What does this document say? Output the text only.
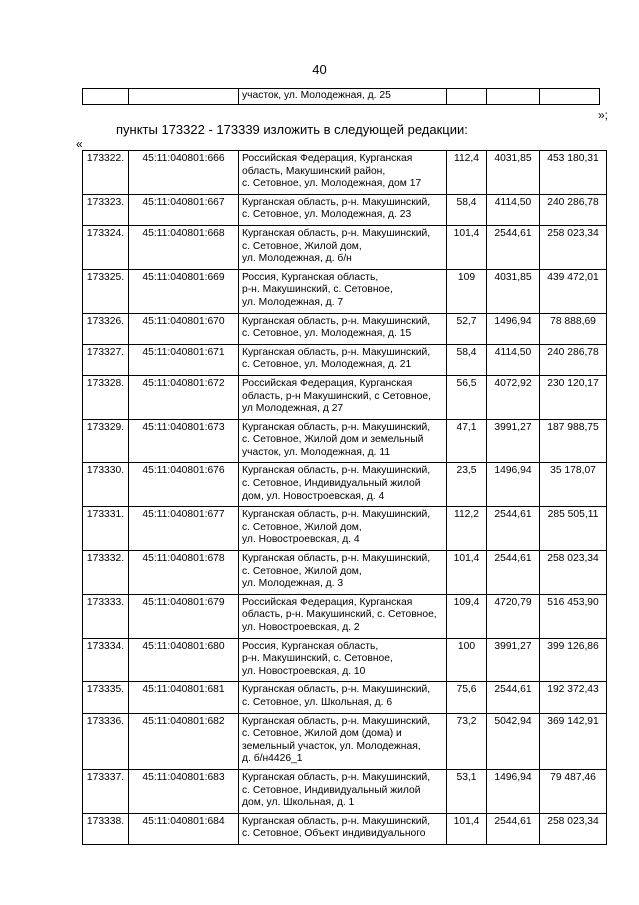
40
		участок, ул. Молодежная, д. 25			
»;
пункты 173322 - 173339 изложить в следующей редакции:
«
173322.	45:11:040801:666	Российская Федерация, Курганская
область, Макушинский район,
с. Сетовное, ул. Молодежная, дом 17	112,4	4031,85	453 180,31
173323.	45:11:040801:667	Курганская область, р-н. Макушинский,
с. Сетовное, ул. Молодежная, д. 23	58,4	4114,50	240 286,78
173324.	45:11:040801:668	Курганская область, р-н. Макушинский,
с. Сетовное, Жилой дом,
ул. Молодежная, д. б/н	101,4	2544,61	258 023,34
173325.	45:11:040801:669	Россия, Курганская область,
р-н. Макушинский, с. Сетовное,
ул. Молодежная, д. 7	109	4031,85	439 472,01
173326.	45:11:040801:670	Курганская область, р-н. Макушинский,
с. Сетовное, ул. Молодежная, д. 15	52,7	1496,94	78 888,69
173327.	45:11:040801:671	Курганская область, р-н. Макушинский,
с. Сетовное, ул. Молодежная, д. 21	58,4	4114,50	240 286,78
173328.	45:11:040801:672	Российская Федерация, Курганская
область, р-н Макушинский, с Сетовное,
ул Молодежная, д 27	56,5	4072,92	230 120,17
173329.	45:11:040801:673	Курганская область, р-н. Макушинский,
с. Сетовное, Жилой дом и земельный
участок, ул. Молодежная, д. 11	47,1	3991,27	187 988,75
173330.	45:11:040801:676	Курганская область, р-н. Макушинский,
с. Сетовное, Индивидуальный жилой
дом, ул. Новостроевская, д. 4	23,5	1496,94	35 178,07
173331.	45:11:040801:677	Курганская область, р-н. Макушинский,
с. Сетовное, Жилой дом,
ул. Новостроевская, д. 4	112,2	2544,61	285 505,11
173332.	45:11:040801:678	Курганская область, р-н. Макушинский,
с. Сетовное, Жилой дом,
ул. Молодежная, д. 3	101,4	2544,61	258 023,34
173333.	45:11:040801:679	Российская Федерация, Курганская
область, р-н. Макушинский, с. Сетовное,
ул. Новостроевская, д. 2	109,4	4720,79	516 453,90
173334.	45:11:040801:680	Россия, Курганская область,
р-н. Макушинский, с. Сетовное,
ул. Новостроевская, д. 10	100	3991,27	399 126,86
173335.	45:11:040801:681	Курганская область, р-н. Макушинский,
с. Сетовное, ул. Школьная, д. 6	75,6	2544,61	192 372,43
173336.	45:11:040801:682	Курганская область, р-н. Макушинский,
с. Сетовное, Жилой дом (дома) и
земельный участок, ул. Молодежная,
д. б/н4426_1	73,2	5042,94	369 142,91
173337.	45:11:040801:683	Курганская область, р-н. Макушинский,
с. Сетовное, Индивидуальный жилой
дом, ул. Школьная, д. 1	53,1	1496,94	79 487,46
173338.	45:11:040801:684	Курганская область, р-н. Макушинский,
с. Сетовное, Объект индивидуального	101,4	2544,61	258 023,34
